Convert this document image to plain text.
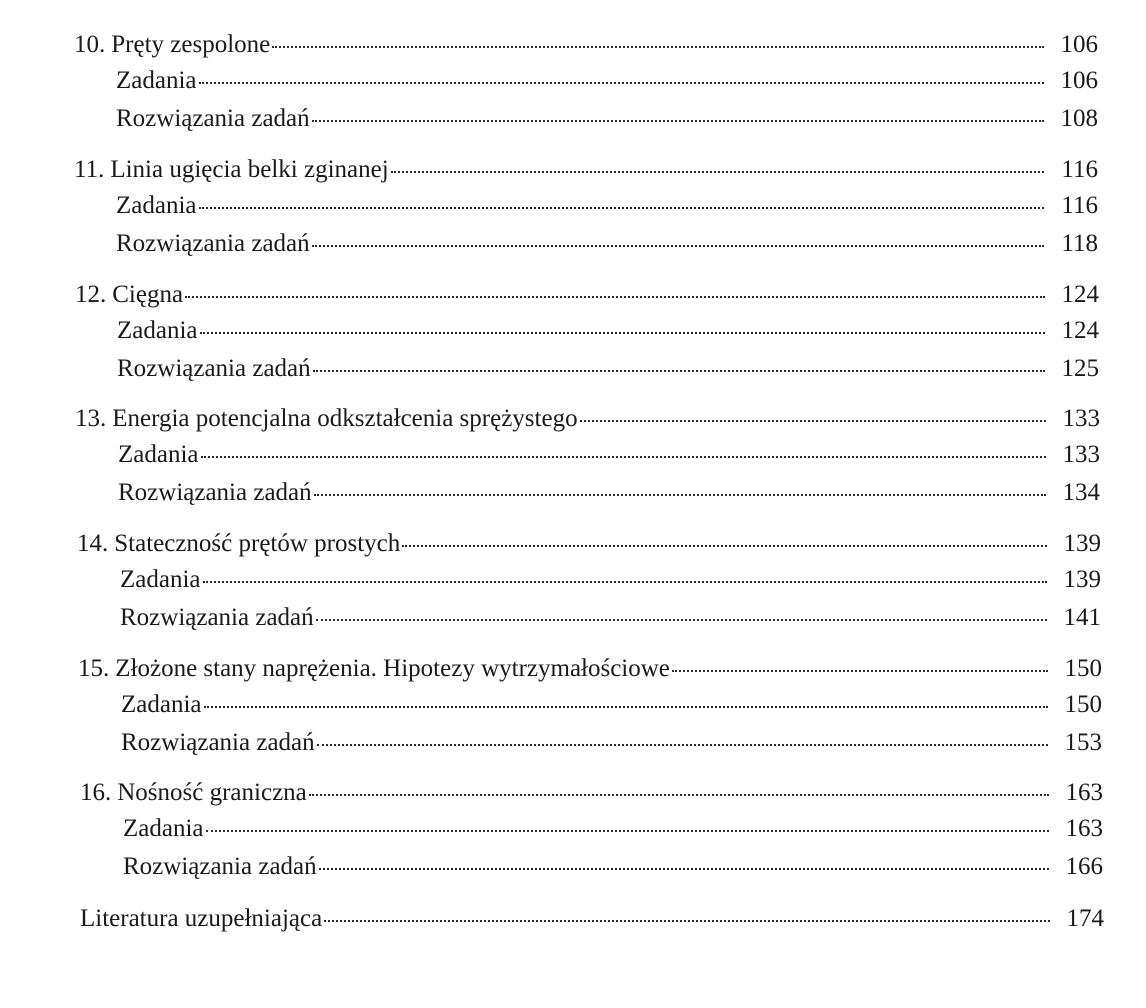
10. Pręty zespolone	106
Zadania	106
Rozwiązania zadań	108
11. Linia ugięcia belki zginanej	116
Zadania	116
Rozwiązania zadań	118
12. Cięgna	124
Zadania	124
Rozwiązania zadań	125
13. Energia potencjalna odkształcenia sprężystego	133
Zadania	133
Rozwiązania zadań	134
14. Stateczność prętów prostych	139
Zadania	139
Rozwiązania zadań	141
15. Złożone stany naprężenia. Hipotezy wytrzymałościowe	150
Zadania	150
Rozwiązania zadań	153
16. Nośność graniczna	163
Zadania	163
Rozwiązania zadań	166
Literatura uzupełniająca	174
